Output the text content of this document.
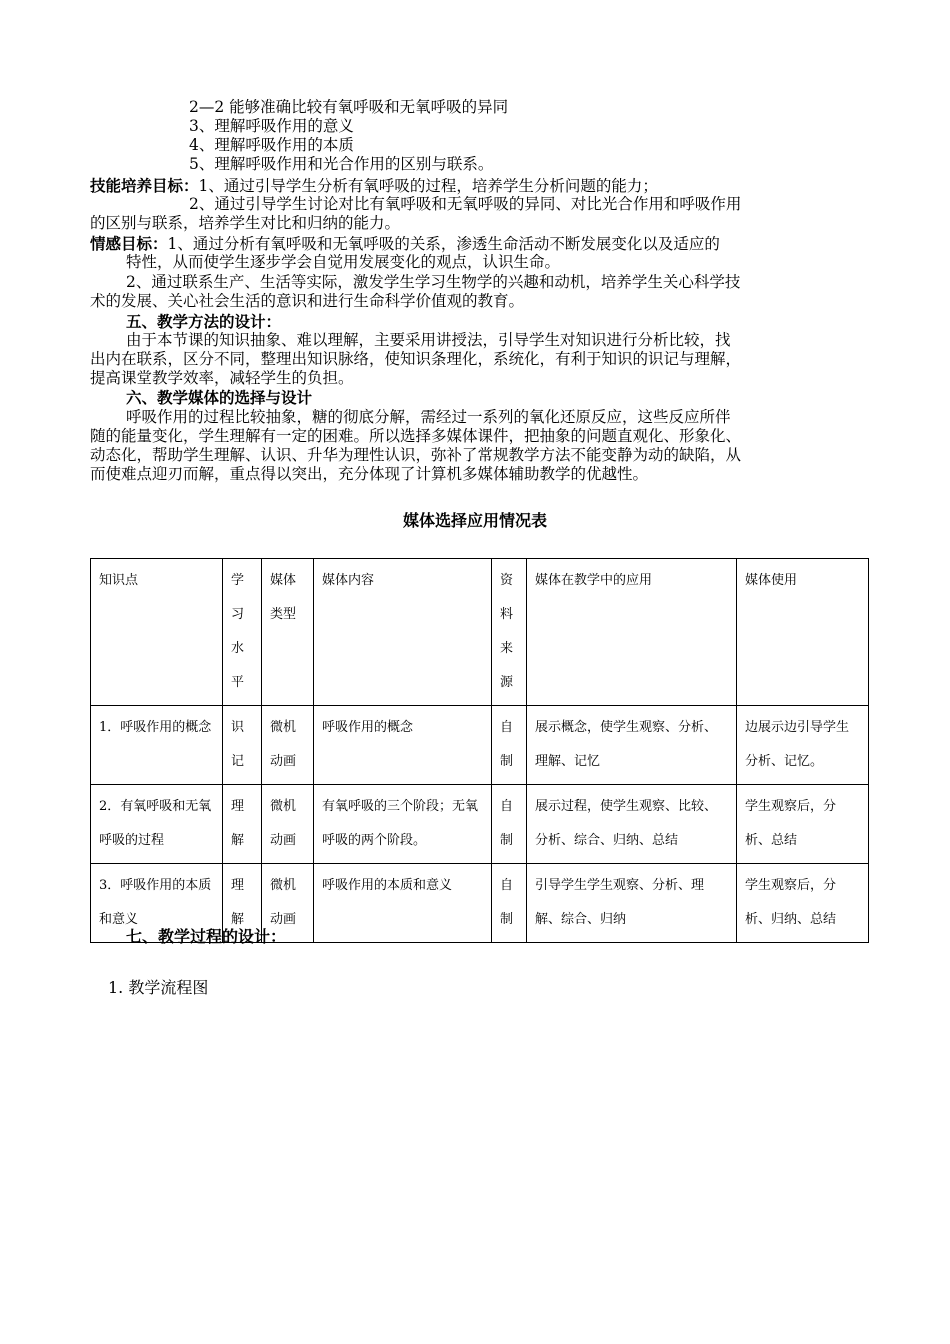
2—2 能够准确比较有氧呼吸和无氧呼吸的异同
3、理解呼吸作用的意义
4、理解呼吸作用的本质
5、理解呼吸作用和光合作用的区别与联系。
技能培养目标：1、通过引导学生分析有氧呼吸的过程，培养学生分析问题的能力；
2、通过引导学生讨论对比有氧呼吸和无氧呼吸的异同、对比光合作用和呼吸作用
的区别与联系，培养学生对比和归纳的能力。
情感目标：1、通过分析有氧呼吸和无氧呼吸的关系，渗透生命活动不断发展变化以及适应的
特性，从而使学生逐步学会自觉用发展变化的观点，认识生命。
2、通过联系生产、生活等实际，激发学生学习生物学的兴趣和动机，培养学生关心科学技
术的发展、关心社会生活的意识和进行生命科学价值观的教育。
五、教学方法的设计：
由于本节课的知识抽象、难以理解，主要采用讲授法，引导学生对知识进行分析比较，找
出内在联系，区分不同，整理出知识脉络，使知识条理化，系统化，有利于知识的识记与理解，
提高课堂教学效率，减轻学生的负担。
六、教学媒体的选择与设计
呼吸作用的过程比较抽象，糖的彻底分解，需经过一系列的氧化还原反应，这些反应所伴
随的能量变化，学生理解有一定的困难。所以选择多媒体课件，把抽象的问题直观化、形象化、
动态化，帮助学生理解、认识、升华为理性认识，弥补了常规教学方法不能变静为动的缺陷，从
而使难点迎刃而解，重点得以突出，充分体现了计算机多媒体辅助教学的优越性。
媒体选择应用情况表
知识点	学习水平	媒体类型	媒体内容	资料来源	媒体在教学中的应用	媒体使用
1．呼吸作用的概念	识记	微机动画	呼吸作用的概念	自制	展示概念，使学生观察、分析、理解、记忆	边展示边引导学生分析、记忆。
2．有氧呼吸和无氧呼吸的过程	理解	微机动画	有氧呼吸的三个阶段；无氧呼吸的两个阶段。	自制	展示过程，使学生观察、比较、分析、综合、归纳、总结	学生观察后，分析、总结
3．呼吸作用的本质和意义	理解	微机动画	呼吸作用的本质和意义	自制	引导学生学生观察、分析、理解、综合、归纳	学生观察后，分析、归纳、总结
七、教学过程的设计：
1. 教学流程图
